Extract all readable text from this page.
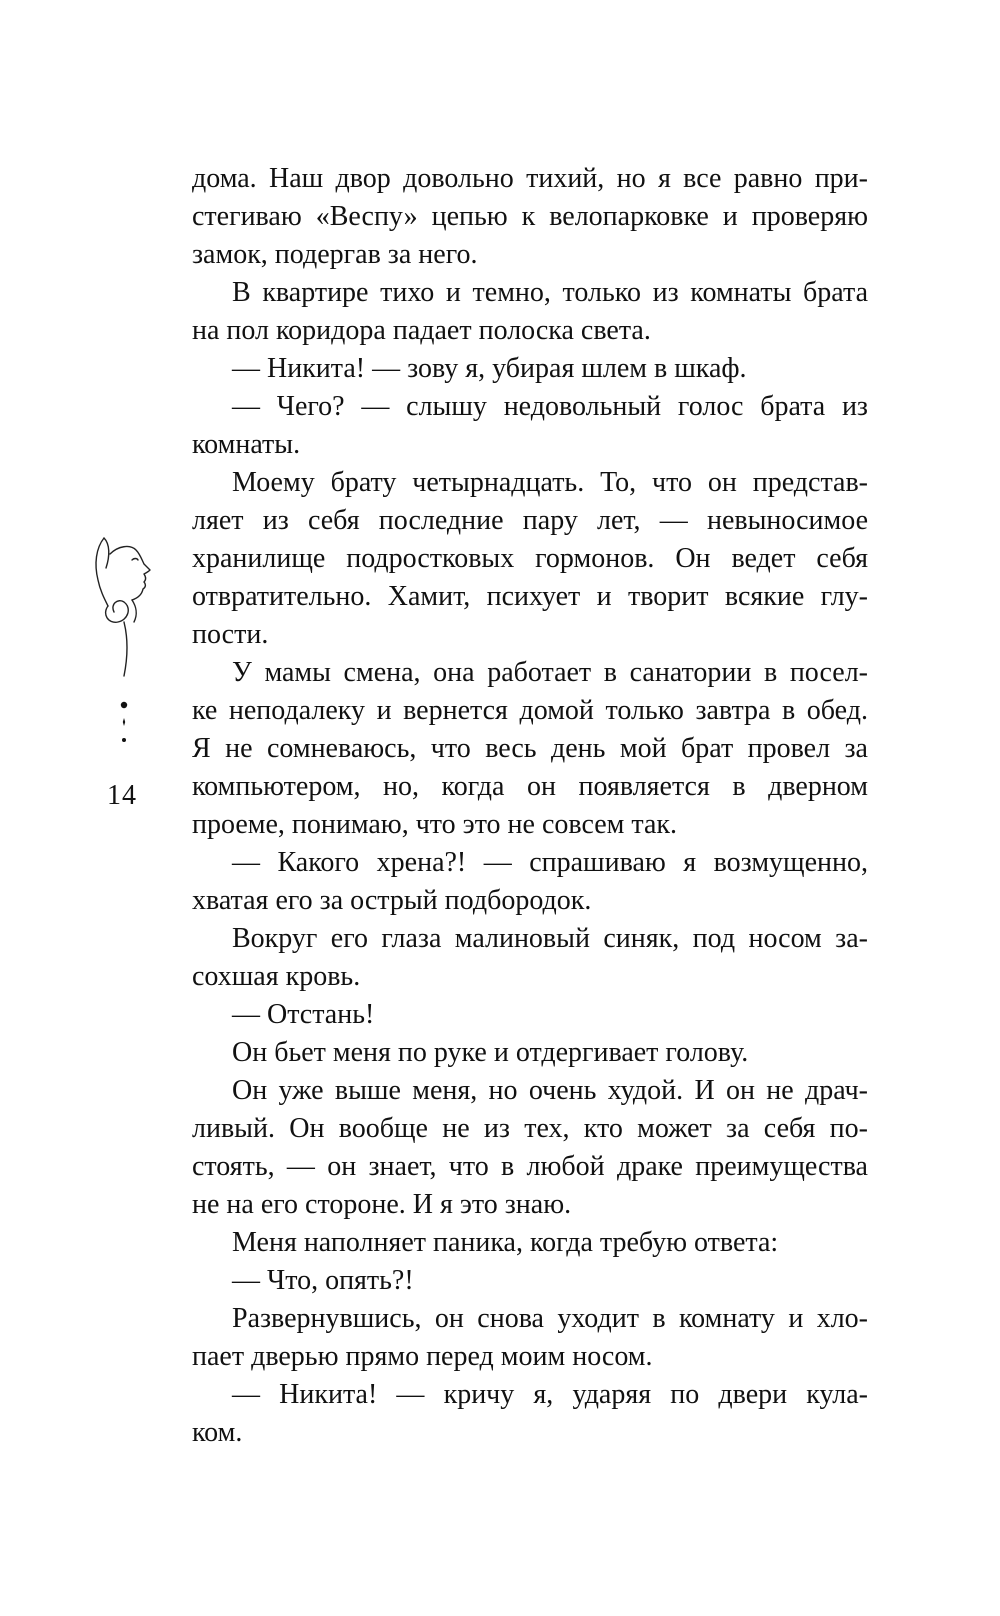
дома. Наш двор довольно тихий, но я все равно при-
стегиваю «Веспу» цепью к велопарковке и проверяю
замок, подергав за него.
В квартире тихо и темно, только из комнаты брата
на пол коридора падает полоска света.
— Никита! — зову я, убирая шлем в шкаф.
— Чего? — слышу недовольный голос брата из
комнаты.
Моему брату четырнадцать. То, что он представ-
ляет из себя последние пару лет, — невыносимое
хранилище подростковых гормонов. Он ведет себя
отвратительно. Хамит, психует и творит всякие глу-
пости.
У мамы смена, она работает в санатории в посел-
ке неподалеку и вернется домой только завтра в обед.
Я не сомневаюсь, что весь день мой брат провел за
компьютером, но, когда он появляется в дверном
проеме, понимаю, что это не совсем так.
— Какого хрена?! — спрашиваю я возмущенно,
хватая его за острый подбородок.
Вокруг его глаза малиновый синяк, под носом за-
сохшая кровь.
— Отстань!
Он бьет меня по руке и отдергивает голову.
Он уже выше меня, но очень худой. И он не драч-
ливый. Он вообще не из тех, кто может за себя по-
стоять, — он знает, что в любой драке преимущества
не на его стороне. И я это знаю.
Меня наполняет паника, когда требую ответа:
— Что, опять?!
Развернувшись, он снова уходит в комнату и хло-
пает дверью прямо перед моим носом.
— Никита! — кричу я, ударяя по двери кула-
ком.
14
